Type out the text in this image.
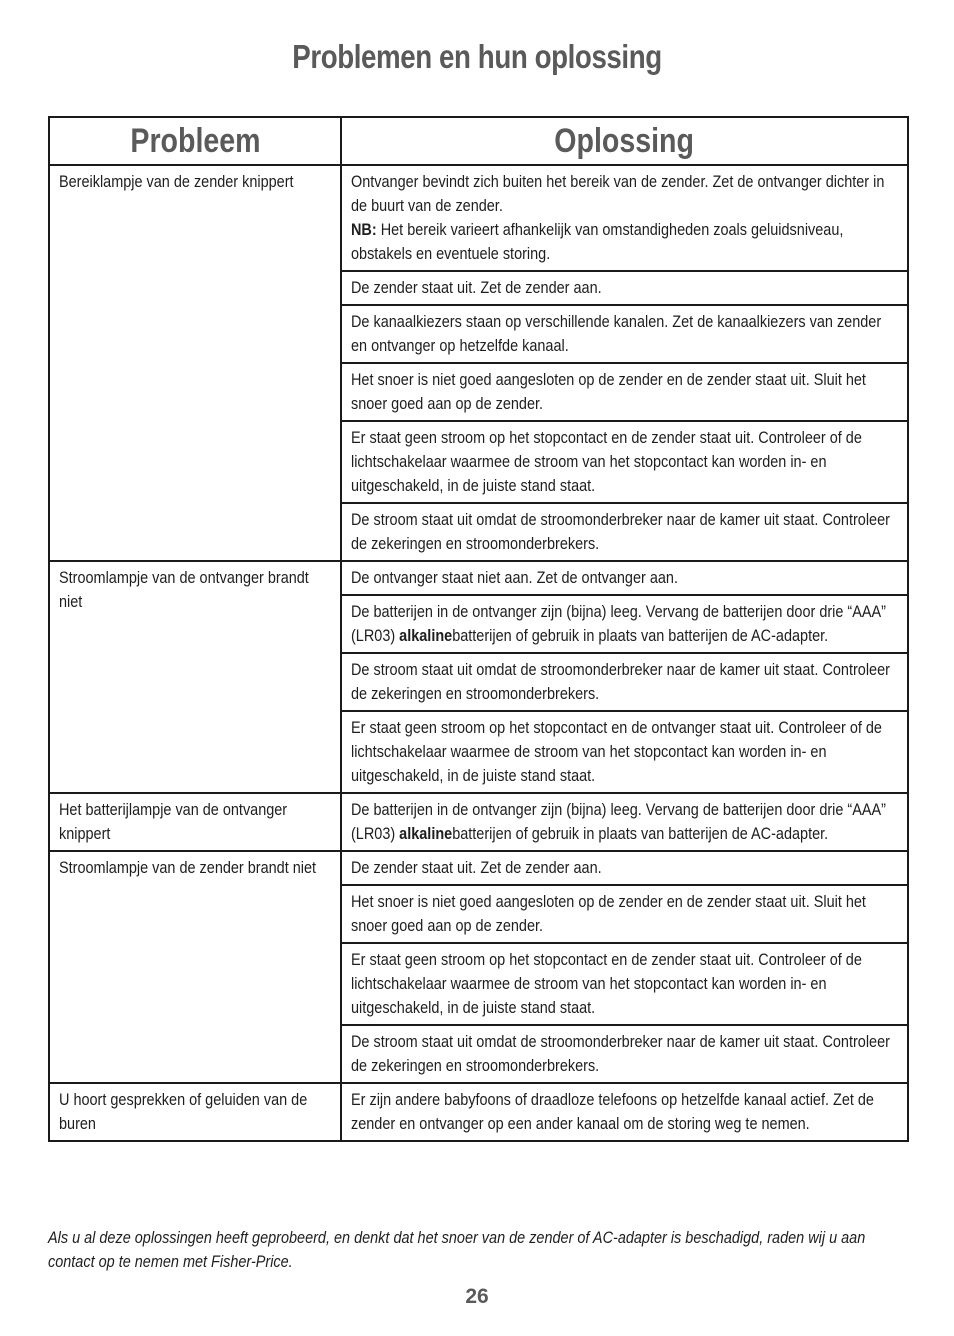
Problemen en hun oplossing
Probleem	Oplossing

Bereiklampje van de zender knippert	Ontvanger bevindt zich buiten het bereik van de zender. Zet de ontvanger dichter in de buurt van de zender.
NB: Het bereik varieert afhankelijk van omstandigheden zoals geluidsniveau, obstakels en eventuele storing.

	De zender staat uit. Zet de zender aan.

	De kanaalkiezers staan op verschillende kanalen. Zet de kanaalkiezers van zender en ontvanger op hetzelfde kanaal.

	Het snoer is niet goed aangesloten op de zender en de zender staat uit. Sluit het snoer goed aan op de zender.

	Er staat geen stroom op het stopcontact en de zender staat uit. Controleer of de lichtschakelaar waarmee de stroom van het stopcontact kan worden in- en uitgeschakeld, in de juiste stand staat.

	De stroom staat uit omdat de stroomonderbreker naar de kamer uit staat. Controleer de zekeringen en stroomonderbrekers.

Stroomlampje van de ontvanger brandt niet	De ontvanger staat niet aan. Zet de ontvanger aan.

	De batterijen in de ontvanger zijn (bijna) leeg. Vervang de batterijen door drie “AAA” (LR03) alkalinebatterijen of gebruik in plaats van batterijen de AC-adapter.

	De stroom staat uit omdat de stroomonderbreker naar de kamer uit staat. Controleer de zekeringen en stroomonderbrekers.

	Er staat geen stroom op het stopcontact en de ontvanger staat uit. Controleer of de lichtschakelaar waarmee de stroom van het stopcontact kan worden in- en uitgeschakeld, in de juiste stand staat.

Het batterijlampje van de ontvanger knippert	De batterijen in de ontvanger zijn (bijna) leeg. Vervang de batterijen door drie “AAA” (LR03) alkalinebatterijen of gebruik in plaats van batterijen de AC-adapter.

Stroomlampje van de zender brandt niet	De zender staat uit. Zet de zender aan.

	Het snoer is niet goed aangesloten op de zender en de zender staat uit. Sluit het snoer goed aan op de zender.

	Er staat geen stroom op het stopcontact en de zender staat uit. Controleer of de lichtschakelaar waarmee de stroom van het stopcontact kan worden in- en uitgeschakeld, in de juiste stand staat.

	De stroom staat uit omdat de stroomonderbreker naar de kamer uit staat. Controleer de zekeringen en stroomonderbrekers.

U hoort gesprekken of geluiden van de buren	Er zijn andere babyfoons of draadloze telefoons op hetzelfde kanaal actief. Zet de zender en ontvanger op een ander kanaal om de storing weg te nemen.
Als u al deze oplossingen heeft geprobeerd, en denkt dat het snoer van de zender of AC-adapter is beschadigd, raden wij u aan contact op te nemen met Fisher-Price.
26
